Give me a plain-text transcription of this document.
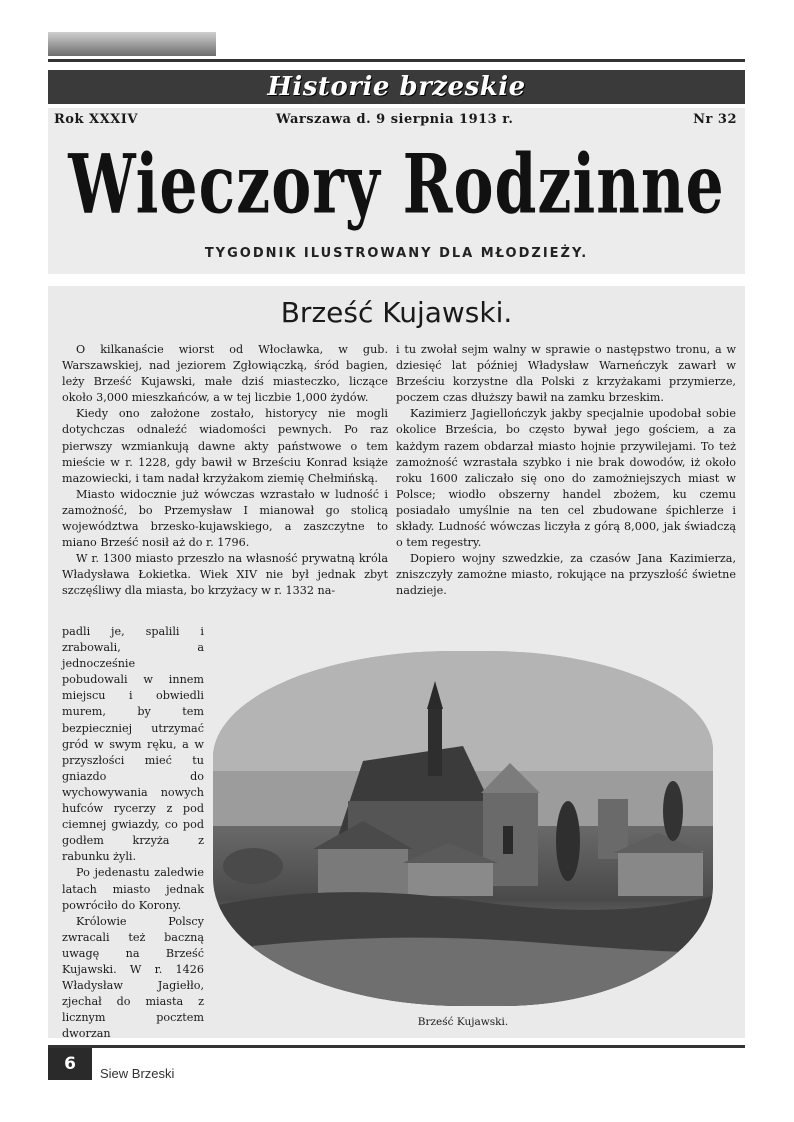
Historie brzeskie
Rok XXXIV	Warszawa d. 9 sierpnia 1913 r.	Nr 32
Wieczory Rodzinne
TYGODNIK ILUSTROWANY DLA MŁODZIEŻY.
Brześć Kujawski.

O kilkanaście wiorst od Włocławka, w gub. Warszawskiej, nad jeziorem Zgłowiączką, śród bagien, leży Brześć Kujawski, małe dziś miasteczko, liczące około 3,000 mieszkańców, a w tej liczbie 1,000 żydów.

Kiedy ono założone zostało, historycy nie mogli dotychczas odnaleźć wiadomości pewnych. Po raz pierwszy wzmiankują dawne akty państwowe o tem mieście w r. 1228, gdy bawił w Brześciu Konrad książe mazowiecki, i tam nadał krzyżakom ziemię Chełmińską.

Miasto widocznie już wówczas wzrastało w ludność i zamożność, bo Przemysław I mianował go stolicą województwa brzesko-kujawskiego, a zaszczytne to miano Brześć nosił aż do r. 1796.

W r. 1300 miasto przeszło na własność prywatną króla Władysława Łokietka. Wiek XIV nie był jednak zbyt szczęśliwy dla miasta, bo krzyżacy w r. 1332 na-

padli je, spalili i zrabowali, a jednocześnie pobudowali w innem miejscu i obwiedli murem, by tem bezpieczniej utrzymać gród w swym ręku, a w przyszłości mieć tu gniazdo do wychowywania nowych hufców rycerzy z pod ciemnej gwiazdy, co pod godłem krzyża z rabunku żyli.

Po jedenastu zaledwie latach miasto jednak powróciło do Korony.

Królowie Polscy zwracali też baczną uwagę na Brześć Kujawski. W r. 1426 Władysław Jagiełło, zjechał do miasta z licznym pocztem dworzan

i tu zwołał sejm walny w sprawie o następstwo tronu, a w dziesięć lat później Władysław Warneńczyk zawarł w Brześciu korzystne dla Polski z krzyżakami przymierze, poczem czas dłuższy bawił na zamku brzeskim.

Kazimierz Jagiellończyk jakby specjalnie upodobał sobie okolice Brześcia, bo często bywał jego gościem, a za każdym razem obdarzał miasto hojnie przywilejami. To też zamożność wzrastała szybko i nie brak dowodów, iż około roku 1600 zaliczało się ono do zamożniejszych miast w Polsce; wiodło obszerny handel zbożem, ku czemu posiadało umyślnie na ten cel zbudowane śpichlerze i składy. Ludność wówczas liczyła z górą 8,000, jak świadczą o tem regestry.

Dopiero wojny szwedzkie, za czasów Jana Kazimierza, zniszczyły zamożne miasto, rokujące na przyszłość świetne nadzieje.

Brześć Kujawski.
6	Siew Brzeski
